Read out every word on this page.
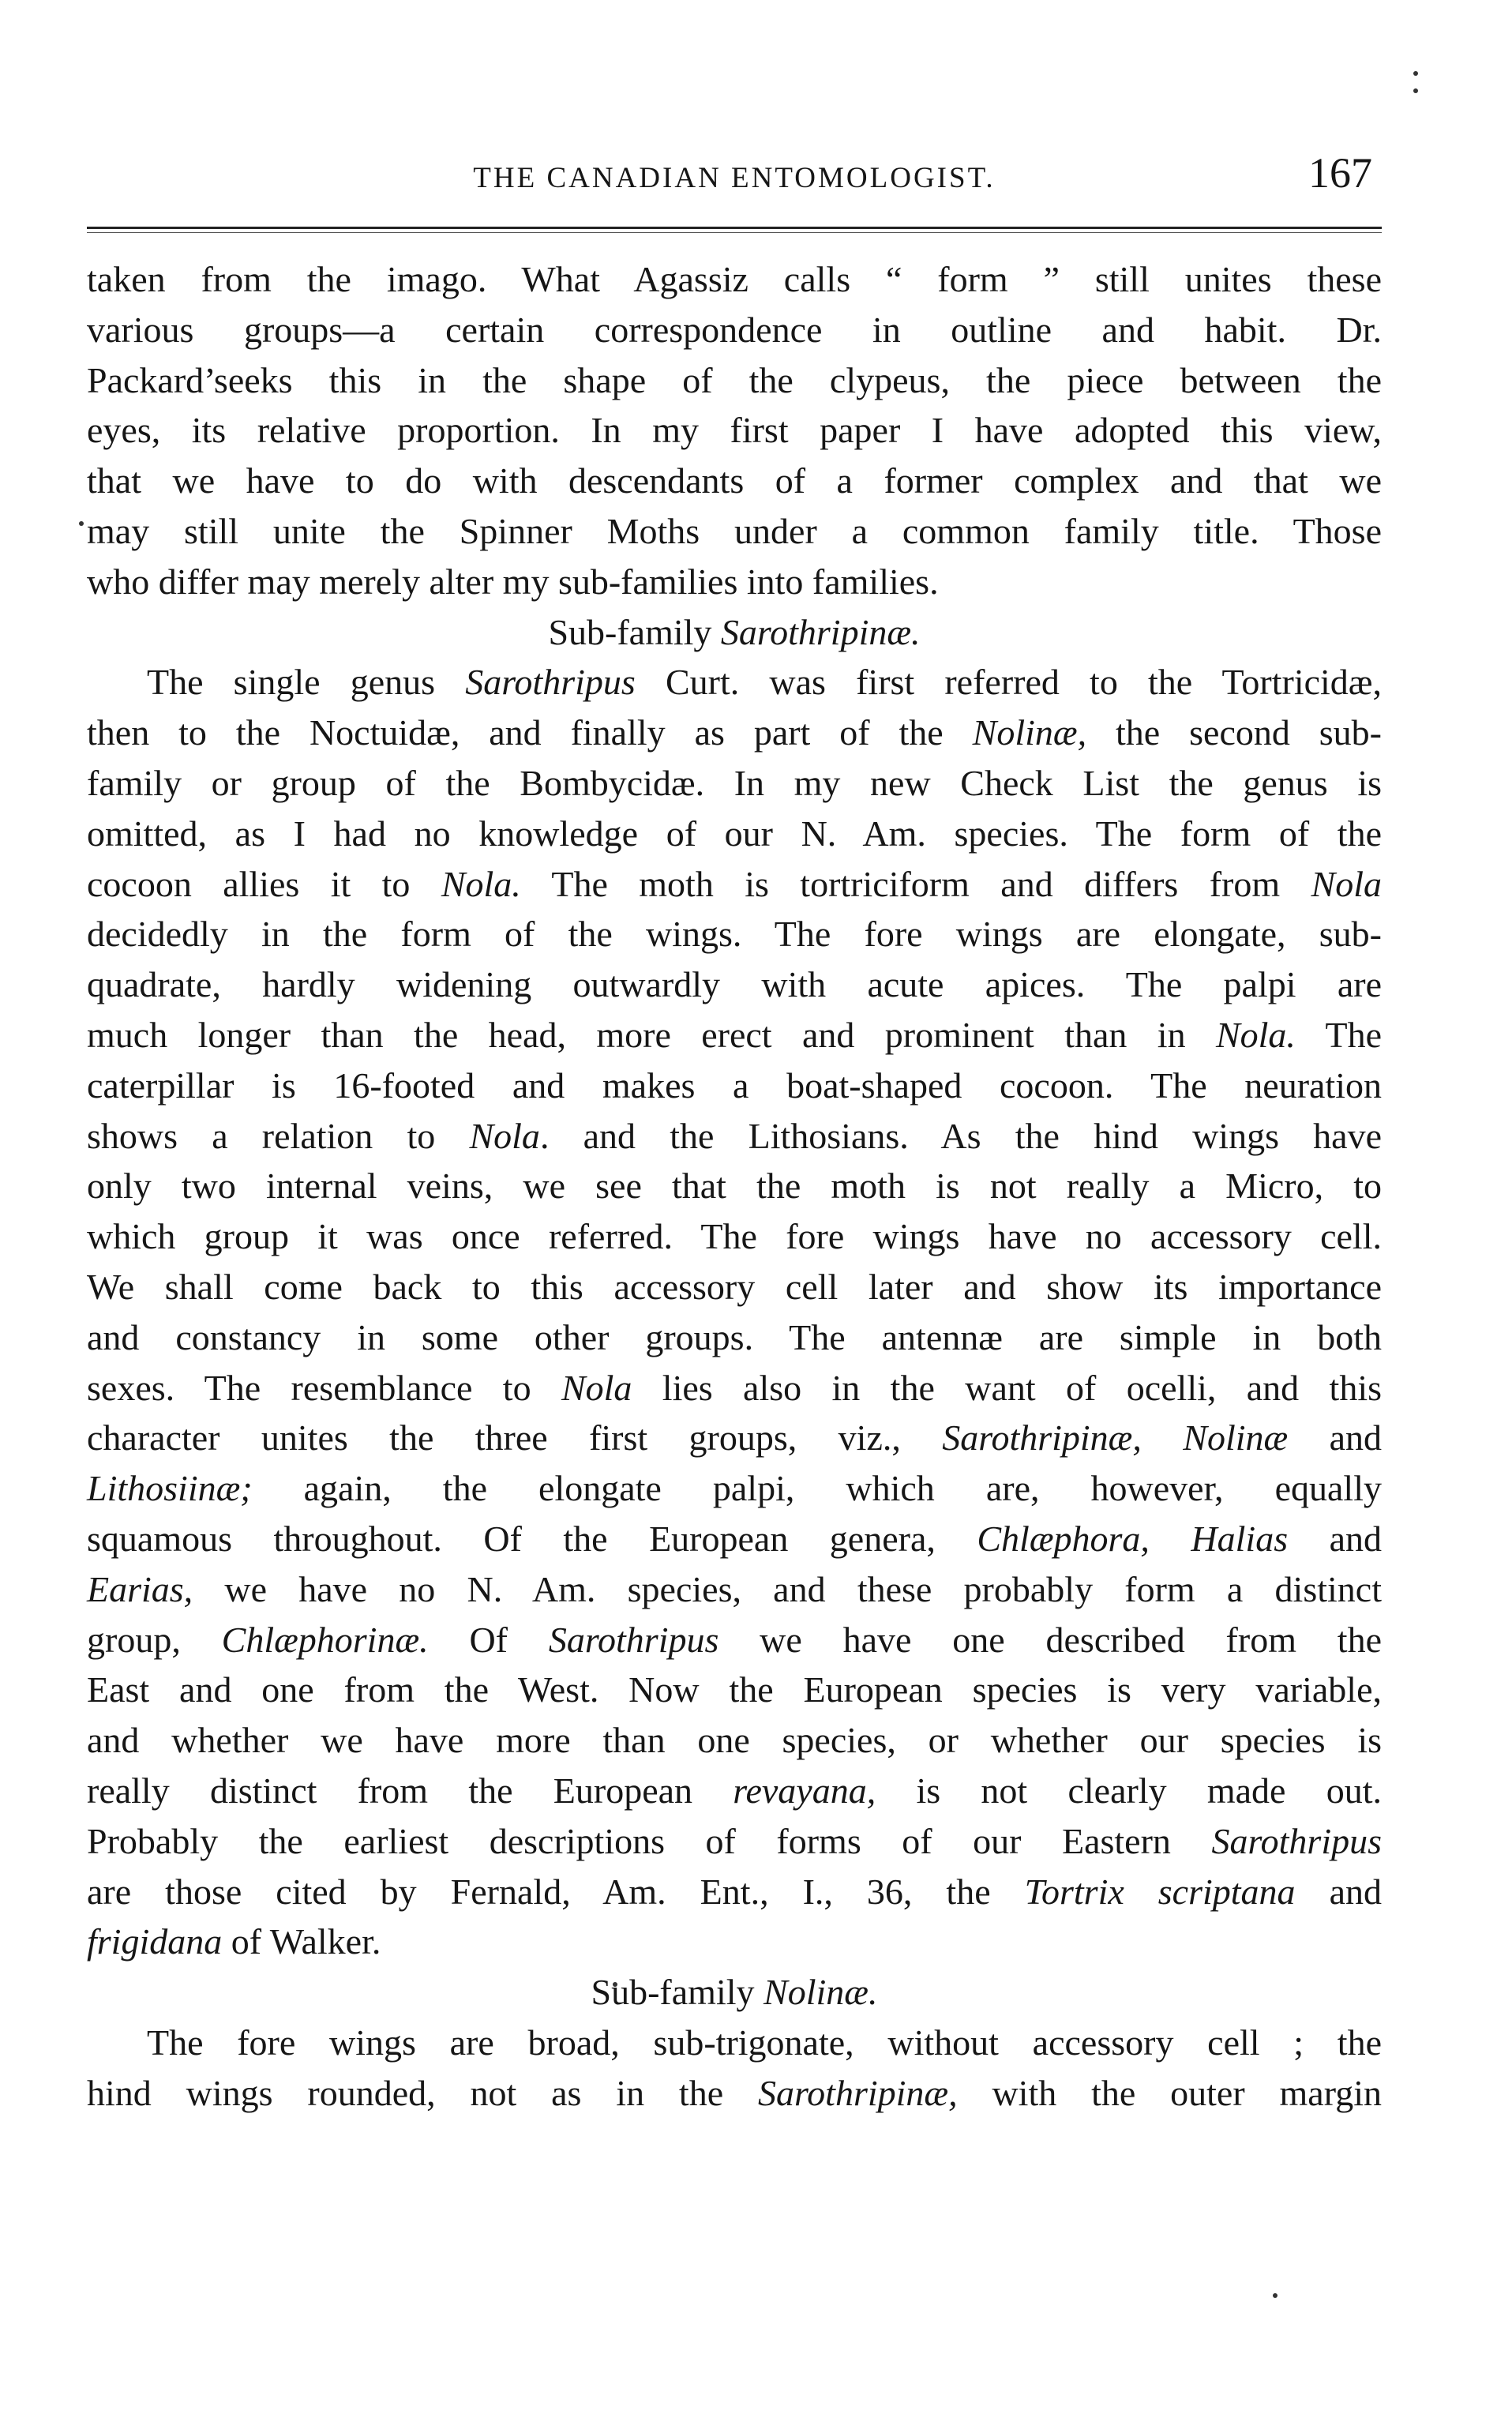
THE CANADIAN ENTOMOLOGIST.	167
taken from the imago. What Agassiz calls “ form ” still unites these
various groups—a certain correspondence in outline and habit. Dr.
Packard’seeks this in the shape of the clypeus, the piece between the
eyes, its relative proportion. In my first paper I have adopted this view,
that we have to do with descendants of a former complex and that we
may still unite the Spinner Moths under a common family title. Those
who differ may merely alter my sub-families into families.
Sub-family Sarothripinæ.
The single genus Sarothripus Curt. was first referred to the Tortricidæ,
then to the Noctuidæ, and finally as part of the Nolinæ, the second sub-
family or group of the Bombycidæ. In my new Check List the genus is
omitted, as I had no knowledge of our N. Am. species. The form of the
cocoon allies it to Nola. The moth is tortriciform and differs from Nola
decidedly in the form of the wings. The fore wings are elongate, sub-
quadrate, hardly widening outwardly with acute apices. The palpi are
much longer than the head, more erect and prominent than in Nola. The
caterpillar is 16-footed and makes a boat-shaped cocoon. The neuration
shows a relation to Nola. and the Lithosians. As the hind wings have
only two internal veins, we see that the moth is not really a Micro, to
which group it was once referred. The fore wings have no accessory cell.
We shall come back to this accessory cell later and show its importance
and constancy in some other groups. The antennæ are simple in both
sexes. The resemblance to Nola lies also in the want of ocelli, and this
character unites the three first groups, viz., Sarothripinæ, Nolinæ and
Lithosiinæ; again, the elongate palpi, which are, however, equally
squamous throughout. Of the European genera, Chlæphora, Halias and
Earias, we have no N. Am. species, and these probably form a distinct
group, Chlæphorinæ. Of Sarothripus we have one described from the
East and one from the West. Now the European species is very variable,
and whether we have more than one species, or whether our species is
really distinct from the European revayana, is not clearly made out.
Probably the earliest descriptions of forms of our Eastern Sarothripus
are those cited by Fernald, Am. Ent., I., 36, the Tortrix scriptana and
frigidana of Walker.
Sub-family Nolinæ.
The fore wings are broad, sub-trigonate, without accessory cell ; the
hind wings rounded, not as in the Sarothripinæ, with the outer margin
